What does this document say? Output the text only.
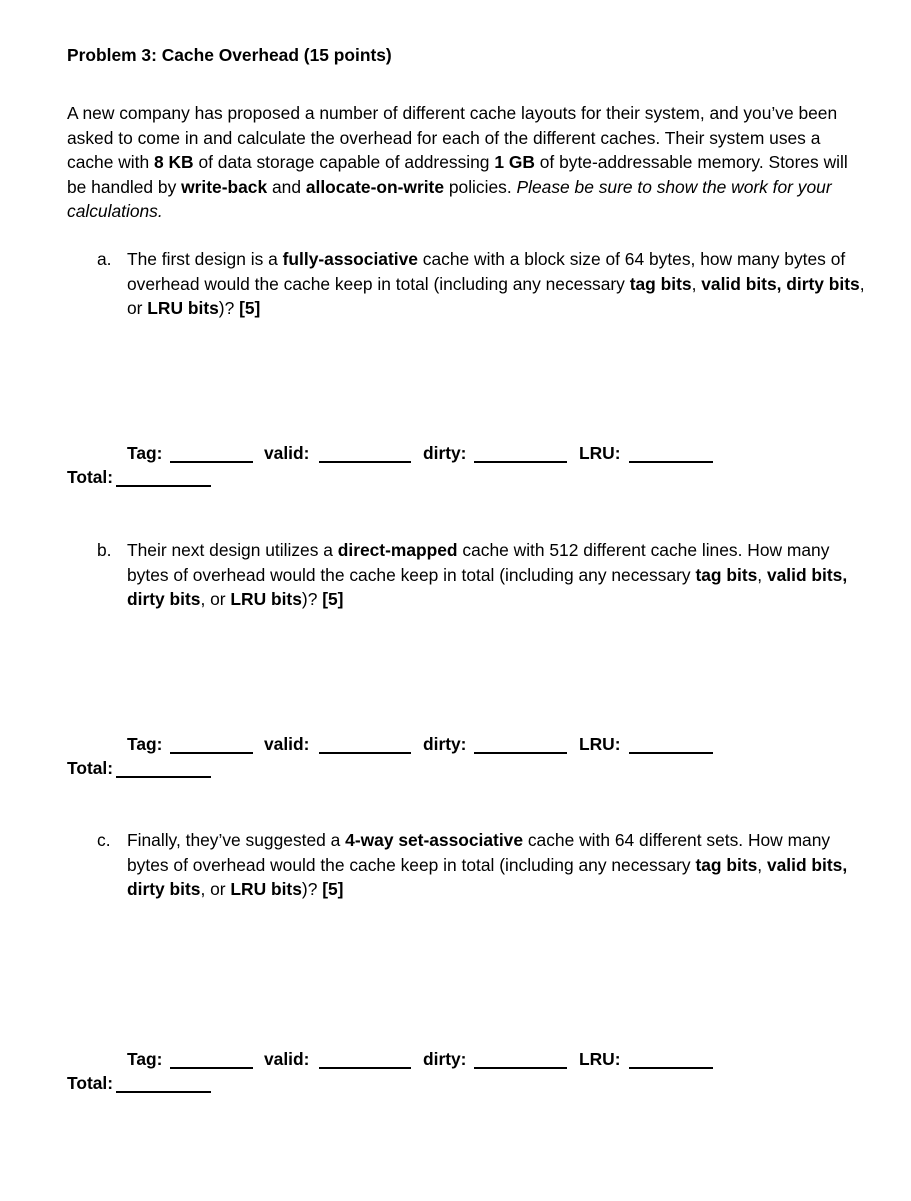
Problem 3: Cache Overhead (15 points)
A new company has proposed a number of different cache layouts for their system, and you’ve been asked to come in and calculate the overhead for each of the different caches. Their system uses a cache with 8 KB of data storage capable of addressing 1 GB of byte-addressable memory. Stores will be handled by write-back and allocate-on-write policies. Please be sure to show the work for your calculations.
a. The first design is a fully-associative cache with a block size of 64 bytes, how many bytes of overhead would the cache keep in total (including any necessary tag bits, valid bits, dirty bits, or LRU bits)? [5]
Tag:	valid:	dirty:	LRU:
Total:
b. Their next design utilizes a direct-mapped cache with 512 different cache lines. How many bytes of overhead would the cache keep in total (including any necessary tag bits, valid bits, dirty bits, or LRU bits)? [5]
Tag:	valid:	dirty:	LRU:
Total:
c. Finally, they’ve suggested a 4-way set-associative cache with 64 different sets. How many bytes of overhead would the cache keep in total (including any necessary tag bits, valid bits, dirty bits, or LRU bits)? [5]
Tag:	valid:	dirty:	LRU:
Total:
